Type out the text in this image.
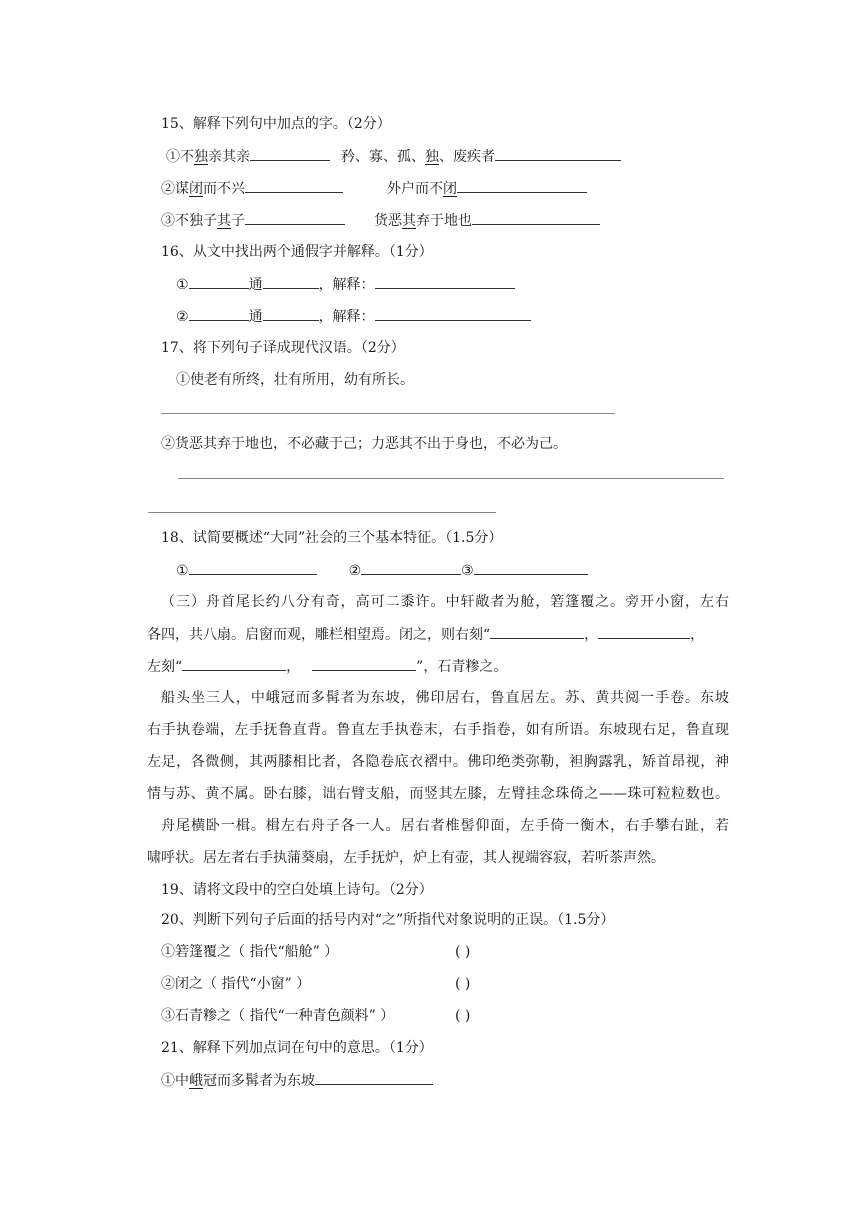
15、解释下列句中加点的字。（2分）
①不独亲其亲	矜、寡、孤、独、废疾者
②谋闭而不兴	外户而不闭
③不独子其子	货恶其弃于地也
16、从文中找出两个通假字并解释。（1分）
①	通	，解释：
②	通	，解释：
17、将下列句子译成现代汉语。（2分）
①使老有所终，壮有所用，幼有所长。
②货恶其弃于地也，不必藏于己；力恶其不出于身也，不必为己。
18、试简要概述“大同”社会的三个基本特征。（1.5分）
①	②	③
（三）舟首尾长约八分有奇，高可二黍许。中轩敞者为舱，箬篷覆之。旁开小窗，左右
各四，共八扇。启窗而观，雕栏相望焉。闭之，则右刻“	，	，
左刻“	，	”，石青糁之。
船头坐三人，中峨冠而多髯者为东坡，佛印居右，鲁直居左。苏、黄共阅一手卷。东坡
右手执卷端，左手抚鲁直背。鲁直左手执卷末，右手指卷，如有所语。东坡现右足，鲁直现
左足，各微侧，其两膝相比者，各隐卷底衣褶中。佛印绝类弥勒，袒胸露乳，矫首昂视，神
情与苏、黄不属。卧右膝，诎右臂支船，而竖其左膝，左臂挂念珠倚之——珠可粒粒数也。
舟尾横卧一楫。楫左右舟子各一人。居右者椎髻仰面，左手倚一衡木，右手攀右趾，若
啸呼状。居左者右手执蒲葵扇，左手抚炉，炉上有壶，其人视端容寂，若听茶声然。
19、请将文段中的空白处填上诗句。（2分）
20、判断下列句子后面的括号内对“之”所指代对象说明的正误。（1.5分）
①箬篷覆之（ 指代“船舱” ）	( )
②闭之（ 指代“小窗” ）	( )
③石青糁之（ 指代“一种青色颜料” ）	( )
21、解释下列加点词在句中的意思。（1分）
①中峨冠而多髯者为东坡
